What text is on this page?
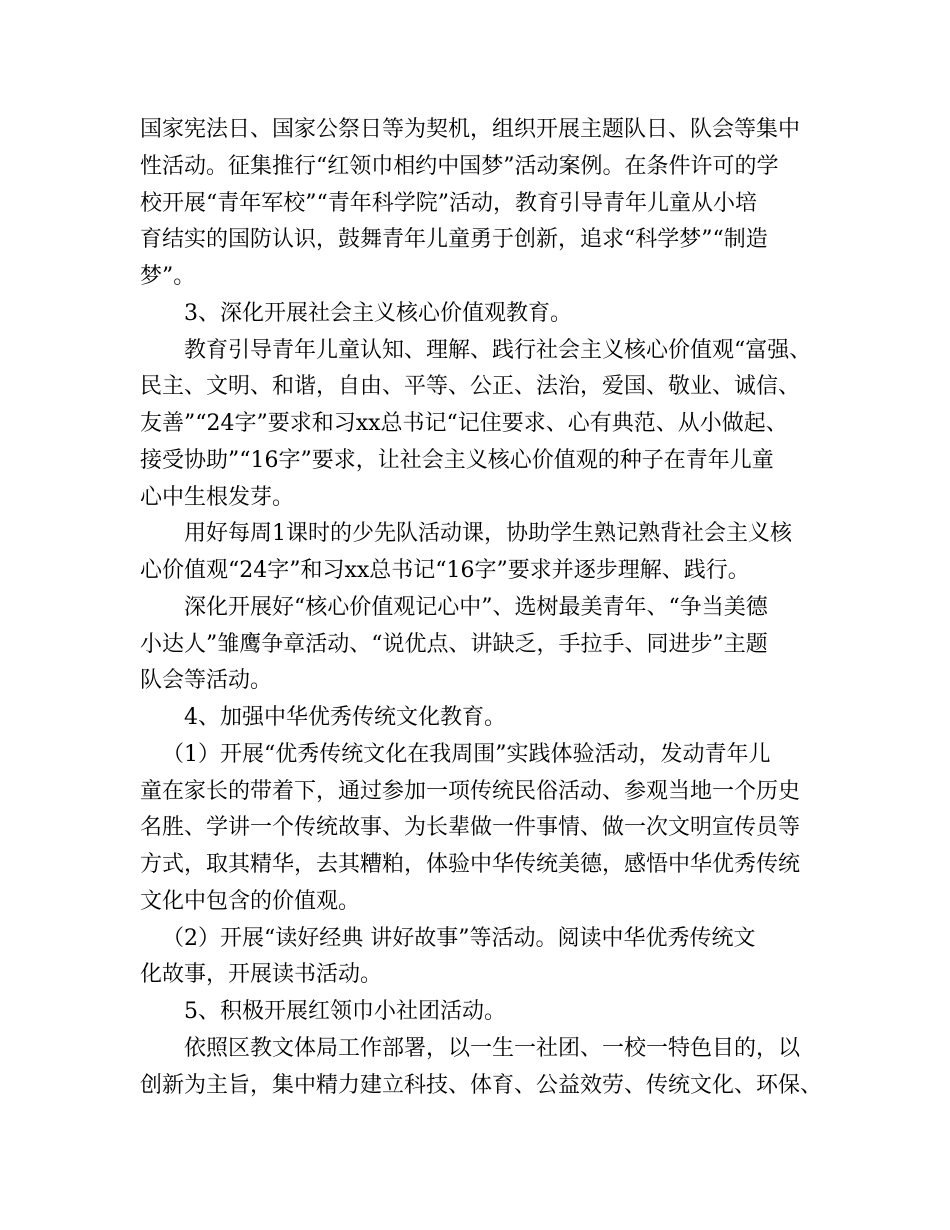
国家宪法日、国家公祭日等为契机，组织开展主题队日、队会等集中
性活动。征集推行“红领巾相约中国梦”活动案例。在条件许可的学
校开展“青年军校”“青年科学院”活动，教育引导青年儿童从小培
育结实的国防认识，鼓舞青年儿童勇于创新，追求“科学梦”“制造
梦”。
3、深化开展社会主义核心价值观教育。
教育引导青年儿童认知、理解、践行社会主义核心价值观“富强、
民主、文明、和谐，自由、平等、公正、法治，爱国、敬业、诚信、
友善”“24字”要求和习xx总书记“记住要求、心有典范、从小做起、
接受协助”“16字”要求，让社会主义核心价值观的种子在青年儿童
心中生根发芽。
用好每周1课时的少先队活动课，协助学生熟记熟背社会主义核
心价值观“24字”和习xx总书记“16字”要求并逐步理解、践行。
深化开展好“核心价值观记心中”、选树最美青年、“争当美德
小达人”雏鹰争章活动、“说优点、讲缺乏，手拉手、同进步”主题
队会等活动。
4、加强中华优秀传统文化教育。
（1）开展“优秀传统文化在我周围”实践体验活动，发动青年儿
童在家长的带着下，通过参加一项传统民俗活动、参观当地一个历史
名胜、学讲一个传统故事、为长辈做一件事情、做一次文明宣传员等
方式，取其精华，去其糟粕，体验中华传统美德，感悟中华优秀传统
文化中包含的价值观。
（2）开展“读好经典 讲好故事”等活动。阅读中华优秀传统文
化故事，开展读书活动。
5、积极开展红领巾小社团活动。
依照区教文体局工作部署，以一生一社团、一校一特色目的，以
创新为主旨，集中精力建立科技、体育、公益效劳、传统文化、环保、
